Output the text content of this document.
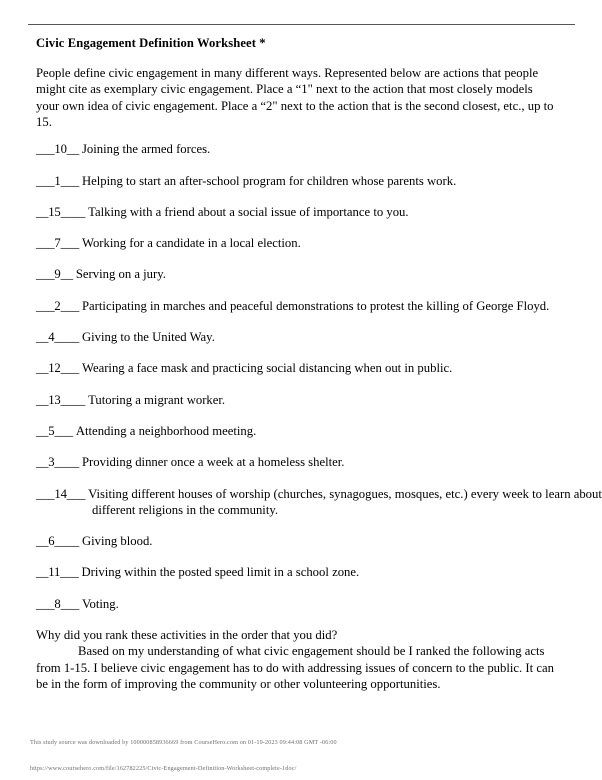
Civic Engagement Definition Worksheet *

People define civic engagement in many different ways. Represented below are actions that people might cite as exemplary civic engagement. Place a “1" next to the action that most closely models your own idea of civic engagement. Place a “2" next to the action that is the second closest, etc., up to 15.

___10__ Joining the armed forces.
___1___ Helping to start an after-school program for children whose parents work.
__15____ Talking with a friend about a social issue of importance to you.
___7___ Working for a candidate in a local election.
___9__ Serving on a jury.
___2___ Participating in marches and peaceful demonstrations to protest the killing of George Floyd.
__4____ Giving to the United Way.
__12___ Wearing a face mask and practicing social distancing when out in public.
__13____ Tutoring a migrant worker.
__5___ Attending a neighborhood meeting.
__3____ Providing dinner once a week at a homeless shelter.
___14___ Visiting different houses of worship (churches, synagogues, mosques, etc.) every week to learn about different religions in the community.
__6____ Giving blood.
__11___ Driving within the posted speed limit in a school zone.
___8___ Voting.

Why did you rank these activities in the order that you did?

Based on my understanding of what civic engagement should be I ranked the following acts from 1-15. I believe civic engagement has to do with addressing issues of concern to the public. It can be in the form of improving the community or other volunteering opportunities.

This study source was downloaded by 100000858936669 from CourseHero.com on 01-19-2023 09:44:08 GMT -06:00
https://www.coursehero.com/file/162782225/Civic-Engagement-Definition-Worksheet-complete-1doc/
